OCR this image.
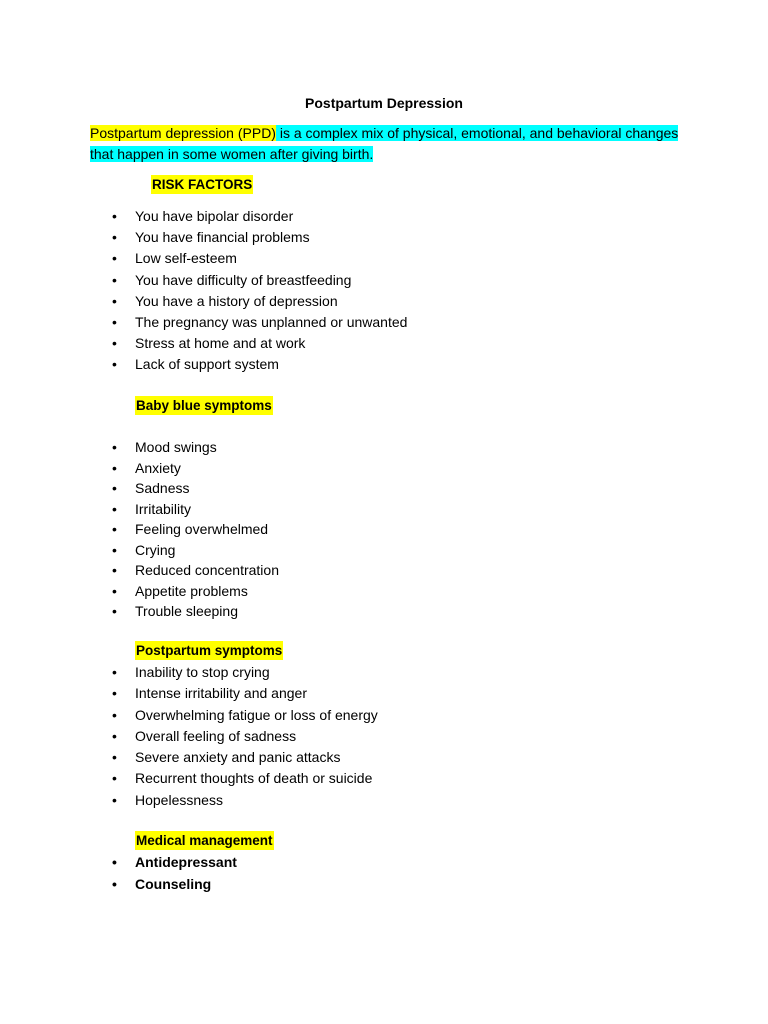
Postpartum Depression
Postpartum depression (PPD) is a complex mix of physical, emotional, and behavioral changes that happen in some women after giving birth.
RISK FACTORS
• You have bipolar disorder
• You have financial problems
• Low self-esteem
• You have difficulty of breastfeeding
• You have a history of depression
• The pregnancy was unplanned or unwanted
• Stress at home and at work
• Lack of support system
Baby blue symptoms
• Mood swings
• Anxiety
• Sadness
• Irritability
• Feeling overwhelmed
• Crying
• Reduced concentration
• Appetite problems
• Trouble sleeping
Postpartum symptoms
• Inability to stop crying
• Intense irritability and anger
• Overwhelming fatigue or loss of energy
• Overall feeling of sadness
• Severe anxiety and panic attacks
• Recurrent thoughts of death or suicide
• Hopelessness
Medical management
• Antidepressant
• Counseling
